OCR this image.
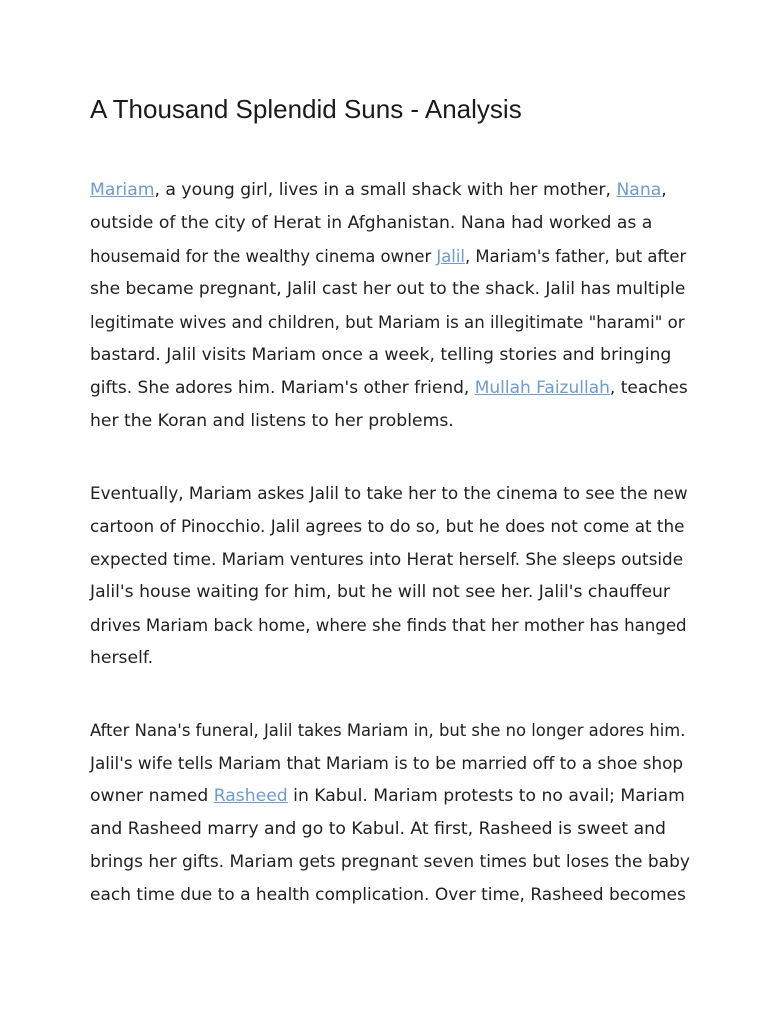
A Thousand Splendid Suns - Analysis
Mariam, a young girl, lives in a small shack with her mother, Nana,
outside of the city of Herat in Afghanistan. Nana had worked as a
housemaid for the wealthy cinema owner Jalil, Mariam's father, but after
she became pregnant, Jalil cast her out to the shack. Jalil has multiple
legitimate wives and children, but Mariam is an illegitimate "harami" or
bastard. Jalil visits Mariam once a week, telling stories and bringing
gifts. She adores him. Mariam's other friend, Mullah Faizullah, teaches
her the Koran and listens to her problems.
Eventually, Mariam askes Jalil to take her to the cinema to see the new
cartoon of Pinocchio. Jalil agrees to do so, but he does not come at the
expected time. Mariam ventures into Herat herself. She sleeps outside
Jalil's house waiting for him, but he will not see her. Jalil's chauffeur
drives Mariam back home, where she finds that her mother has hanged
herself.
After Nana's funeral, Jalil takes Mariam in, but she no longer adores him.
Jalil's wife tells Mariam that Mariam is to be married off to a shoe shop
owner named Rasheed in Kabul. Mariam protests to no avail; Mariam
and Rasheed marry and go to Kabul. At first, Rasheed is sweet and
brings her gifts. Mariam gets pregnant seven times but loses the baby
each time due to a health complication. Over time, Rasheed becomes
